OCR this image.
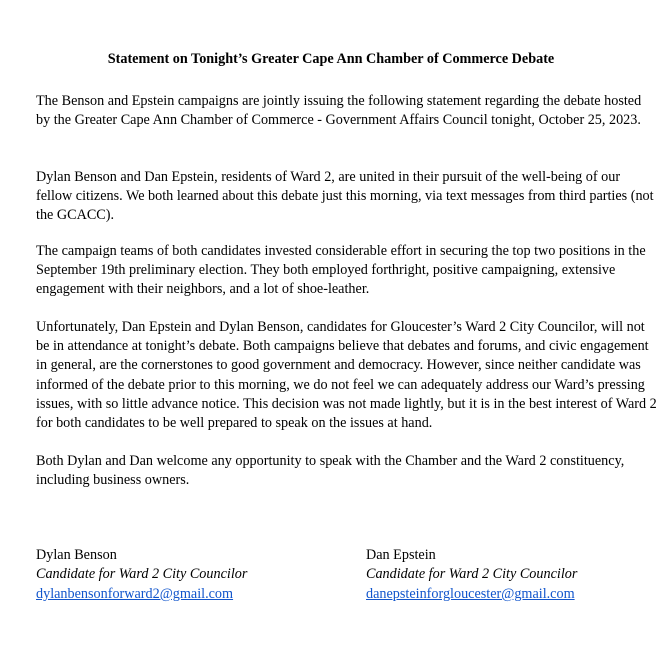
Statement on Tonight’s Greater Cape Ann Chamber of Commerce Debate

The Benson and Epstein campaigns are jointly issuing the following statement regarding the debate hosted by the Greater Cape Ann Chamber of Commerce - Government Affairs Council tonight, October 25, 2023.

Dylan Benson and Dan Epstein, residents of Ward 2, are united in their pursuit of the well-being of our fellow citizens. We both learned about this debate just this morning, via text messages from third parties (not the GCACC).

The campaign teams of both candidates invested considerable effort in securing the top two positions in the September 19th preliminary election. They both employed forthright, positive campaigning, extensive engagement with their neighbors, and a lot of shoe-leather.

Unfortunately, Dan Epstein and Dylan Benson, candidates for Gloucester’s Ward 2 City Councilor, will not be in attendance at tonight’s debate. Both campaigns believe that debates and forums, and civic engagement in general, are the cornerstones to good government and democracy. However, since neither candidate was informed of the debate prior to this morning, we do not feel we can adequately address our Ward’s pressing issues, with so little advance notice. This decision was not made lightly, but it is in the best interest of Ward 2 for both candidates to be well prepared to speak on the issues at hand.

Both Dylan and Dan welcome any opportunity to speak with the Chamber and the Ward 2 constituency, including business owners.

Dylan Benson
Candidate for Ward 2 City Councilor
dylanbensonforward2@gmail.com
Dan Epstein
Candidate for Ward 2 City Councilor
danepsteinforgloucester@gmail.com
